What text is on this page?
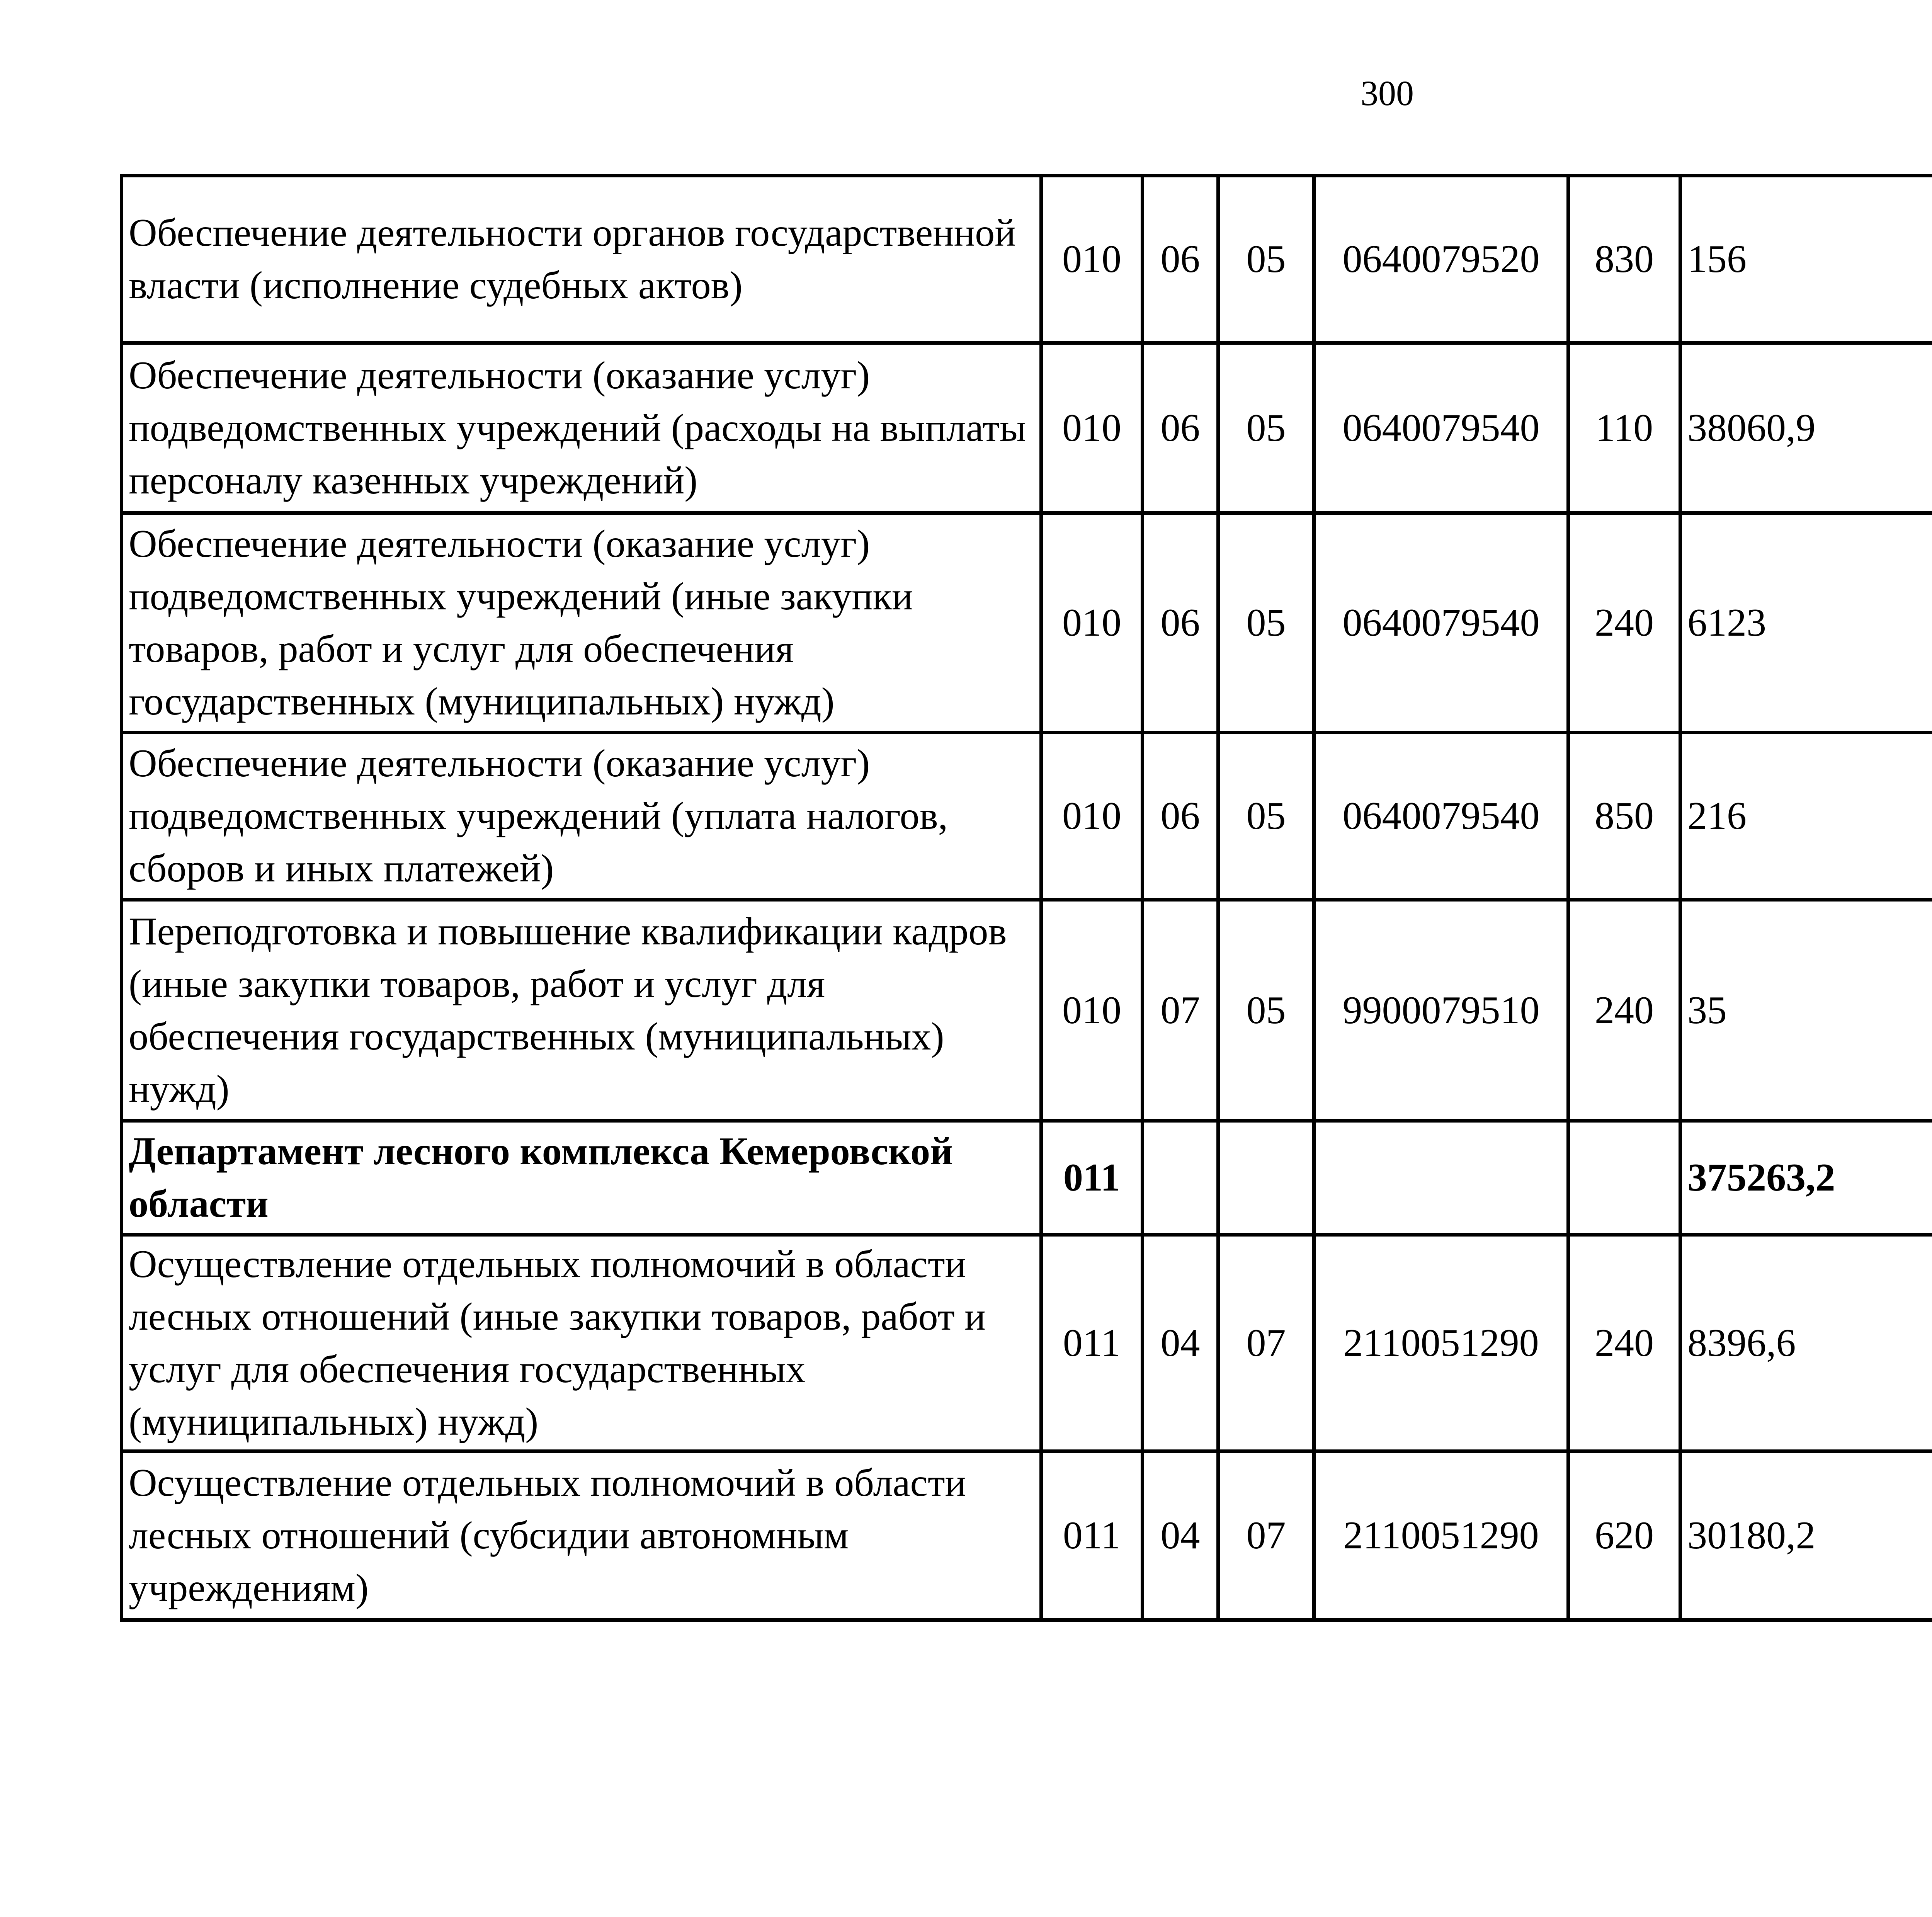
300
Обеспечение деятельности органов государственной власти (исполнение судебных актов)	010	06	05	0640079520	830	156		
Обеспечение деятельности (оказание услуг) подведомственных учреждений (расходы на выплаты персоналу казенных учреждений)	010	06	05	0640079540	110	38060,9		
Обеспечение деятельности (оказание услуг) подведомственных учреждений (иные закупки товаров, работ и услуг для обеспечения государственных (муниципальных) нужд)	010	06	05	0640079540	240	6123		
Обеспечение деятельности (оказание услуг) подведомственных учреждений (уплата налогов, сборов и иных платежей)	010	06	05	0640079540	850	216		
Переподготовка и повышение квалификации кадров (иные закупки товаров, работ и услуг для обеспечения государственных (муниципальных) нужд)	010	07	05	9900079510	240	35		
Департамент лесного комплекса Кемеровской области	011					375263,2		
Осуществление отдельных полномочий в области лесных отношений (иные закупки товаров, работ и услуг для обеспечения государственных (муниципальных) нужд)	011	04	07	2110051290	240	8396,6		
Осуществление отдельных полномочий в области лесных отношений (субсидии автономным учреждениям)	011	04	07	2110051290	620	30180,2		
